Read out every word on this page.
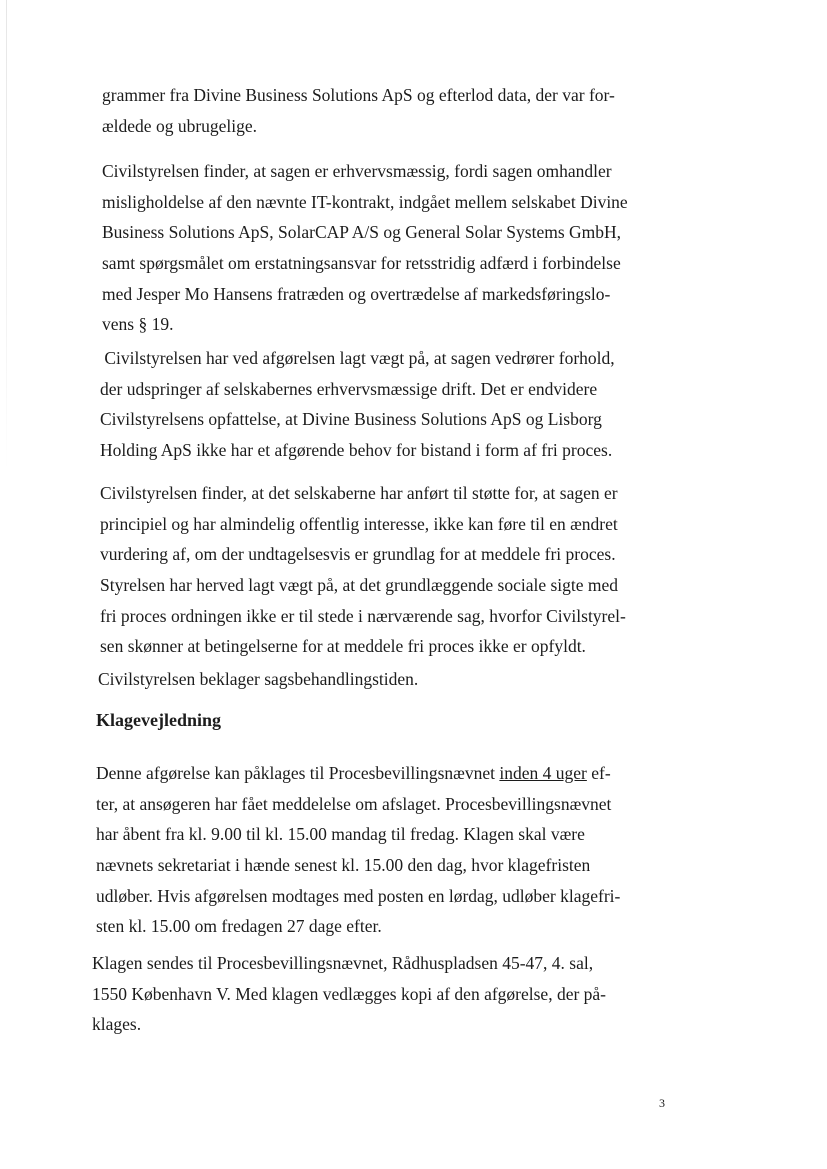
grammer fra Divine Business Solutions ApS og efterlod data, der var for-
ældede og ubrugelige.

Civilstyrelsen finder, at sagen er erhvervsmæssig, fordi sagen omhandler
misligholdelse af den nævnte IT-kontrakt, indgået mellem selskabet Divine
Business Solutions ApS, SolarCAP A/S og General Solar Systems GmbH,
samt spørgsmålet om erstatningsansvar for retsstridig adfærd i forbindelse
med Jesper Mo Hansens fratræden og overtrædelse af markedsføringslo-
vens § 19.

Civilstyrelsen har ved afgørelsen lagt vægt på, at sagen vedrører forhold,
der udspringer af selskabernes erhvervsmæssige drift. Det er endvidere
Civilstyrelsens opfattelse, at Divine Business Solutions ApS og Lisborg
Holding ApS ikke har et afgørende behov for bistand i form af fri proces.

Civilstyrelsen finder, at det selskaberne har anført til støtte for, at sagen er
principiel og har almindelig offentlig interesse, ikke kan føre til en ændret
vurdering af, om der undtagelsesvis er grundlag for at meddele fri proces.
Styrelsen har herved lagt vægt på, at det grundlæggende sociale sigte med
fri proces ordningen ikke er til stede i nærværende sag, hvorfor Civilstyrel-
sen skønner at betingelserne for at meddele fri proces ikke er opfyldt.

Civilstyrelsen beklager sagsbehandlingstiden.

Klagevejledning

Denne afgørelse kan påklages til Procesbevillingsnævnet inden 4 uger ef-
ter, at ansøgeren har fået meddelelse om afslaget. Procesbevillingsnævnet
har åbent fra kl. 9.00 til kl. 15.00 mandag til fredag. Klagen skal være
nævnets sekretariat i hænde senest kl. 15.00 den dag, hvor klagefristen
udløber. Hvis afgørelsen modtages med posten en lørdag, udløber klagefri-
sten kl. 15.00 om fredagen 27 dage efter.

Klagen sendes til Procesbevillingsnævnet, Rådhuspladsen 45-47, 4. sal,
1550 København V. Med klagen vedlægges kopi af den afgørelse, der på-
klages.

3
